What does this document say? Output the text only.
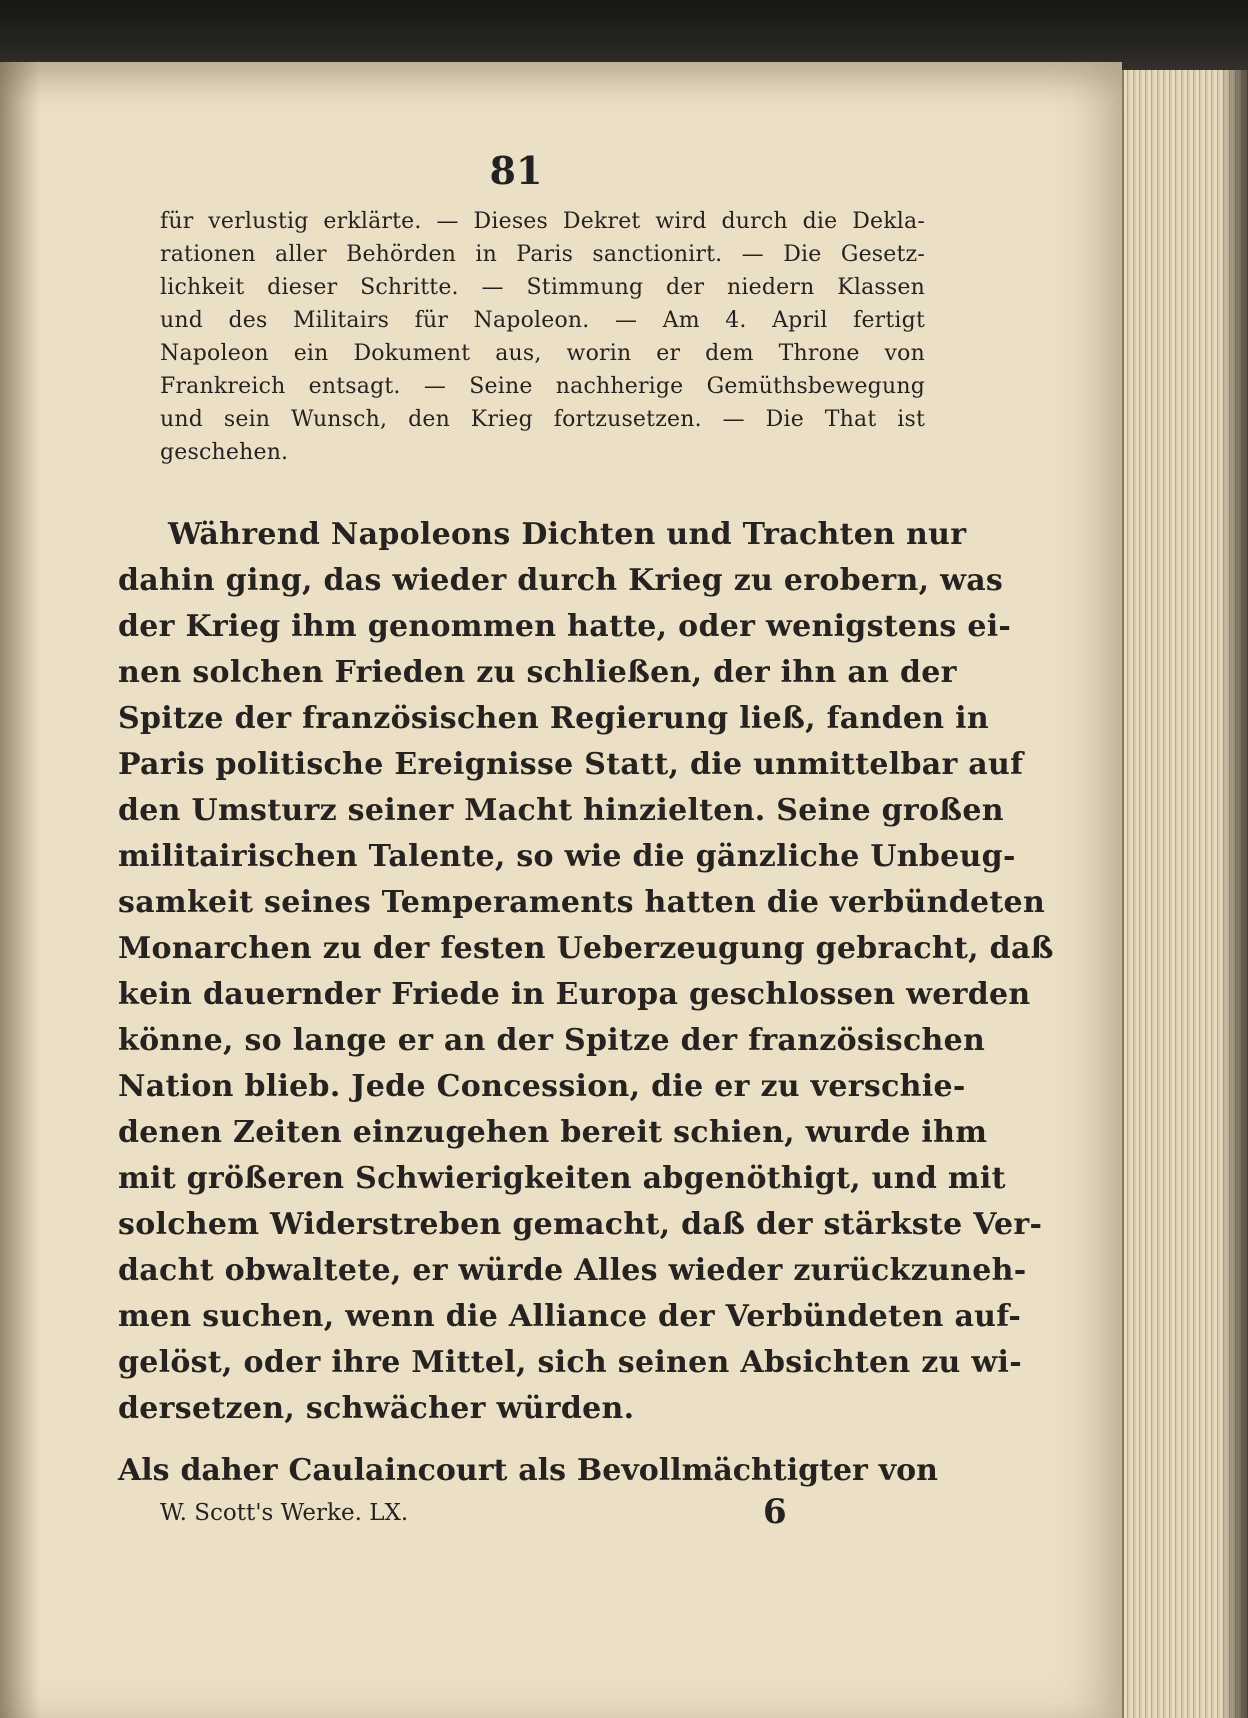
81
für verlustig erklärte. — Dieses Dekret wird durch die Dekla-
rationen aller Behörden in Paris sanctionirt. — Die Gesetz-
lichkeit dieser Schritte. — Stimmung der niedern Klassen
und des Militairs für Napoleon. — Am 4. April fertigt
Napoleon ein Dokument aus, worin er dem Throne von
Frankreich entsagt. — Seine nachherige Gemüthsbewegung
und sein Wunsch, den Krieg fortzusetzen. — Die That ist
geschehen.
Während Napoleons Dichten und Trachten nur
dahin ging, das wieder durch Krieg zu erobern, was
der Krieg ihm genommen hatte, oder wenigstens ei-
nen solchen Frieden zu schließen, der ihn an der
Spitze der französischen Regierung ließ, fanden in
Paris politische Ereignisse Statt, die unmittelbar auf
den Umsturz seiner Macht hinzielten. Seine großen
militairischen Talente, so wie die gänzliche Unbeug-
samkeit seines Temperaments hatten die verbündeten
Monarchen zu der festen Ueberzeugung gebracht, daß
kein dauernder Friede in Europa geschlossen werden
könne, so lange er an der Spitze der französischen
Nation blieb. Jede Concession, die er zu verschie-
denen Zeiten einzugehen bereit schien, wurde ihm
mit größeren Schwierigkeiten abgenöthigt, und mit
solchem Widerstreben gemacht, daß der stärkste Ver-
dacht obwaltete, er würde Alles wieder zurückzuneh-
men suchen, wenn die Alliance der Verbündeten auf-
gelöst, oder ihre Mittel, sich seinen Absichten zu wi-
dersetzen, schwächer würden.
Als daher Caulaincourt als Bevollmächtigter von
W. Scott's Werke. LX.	6
